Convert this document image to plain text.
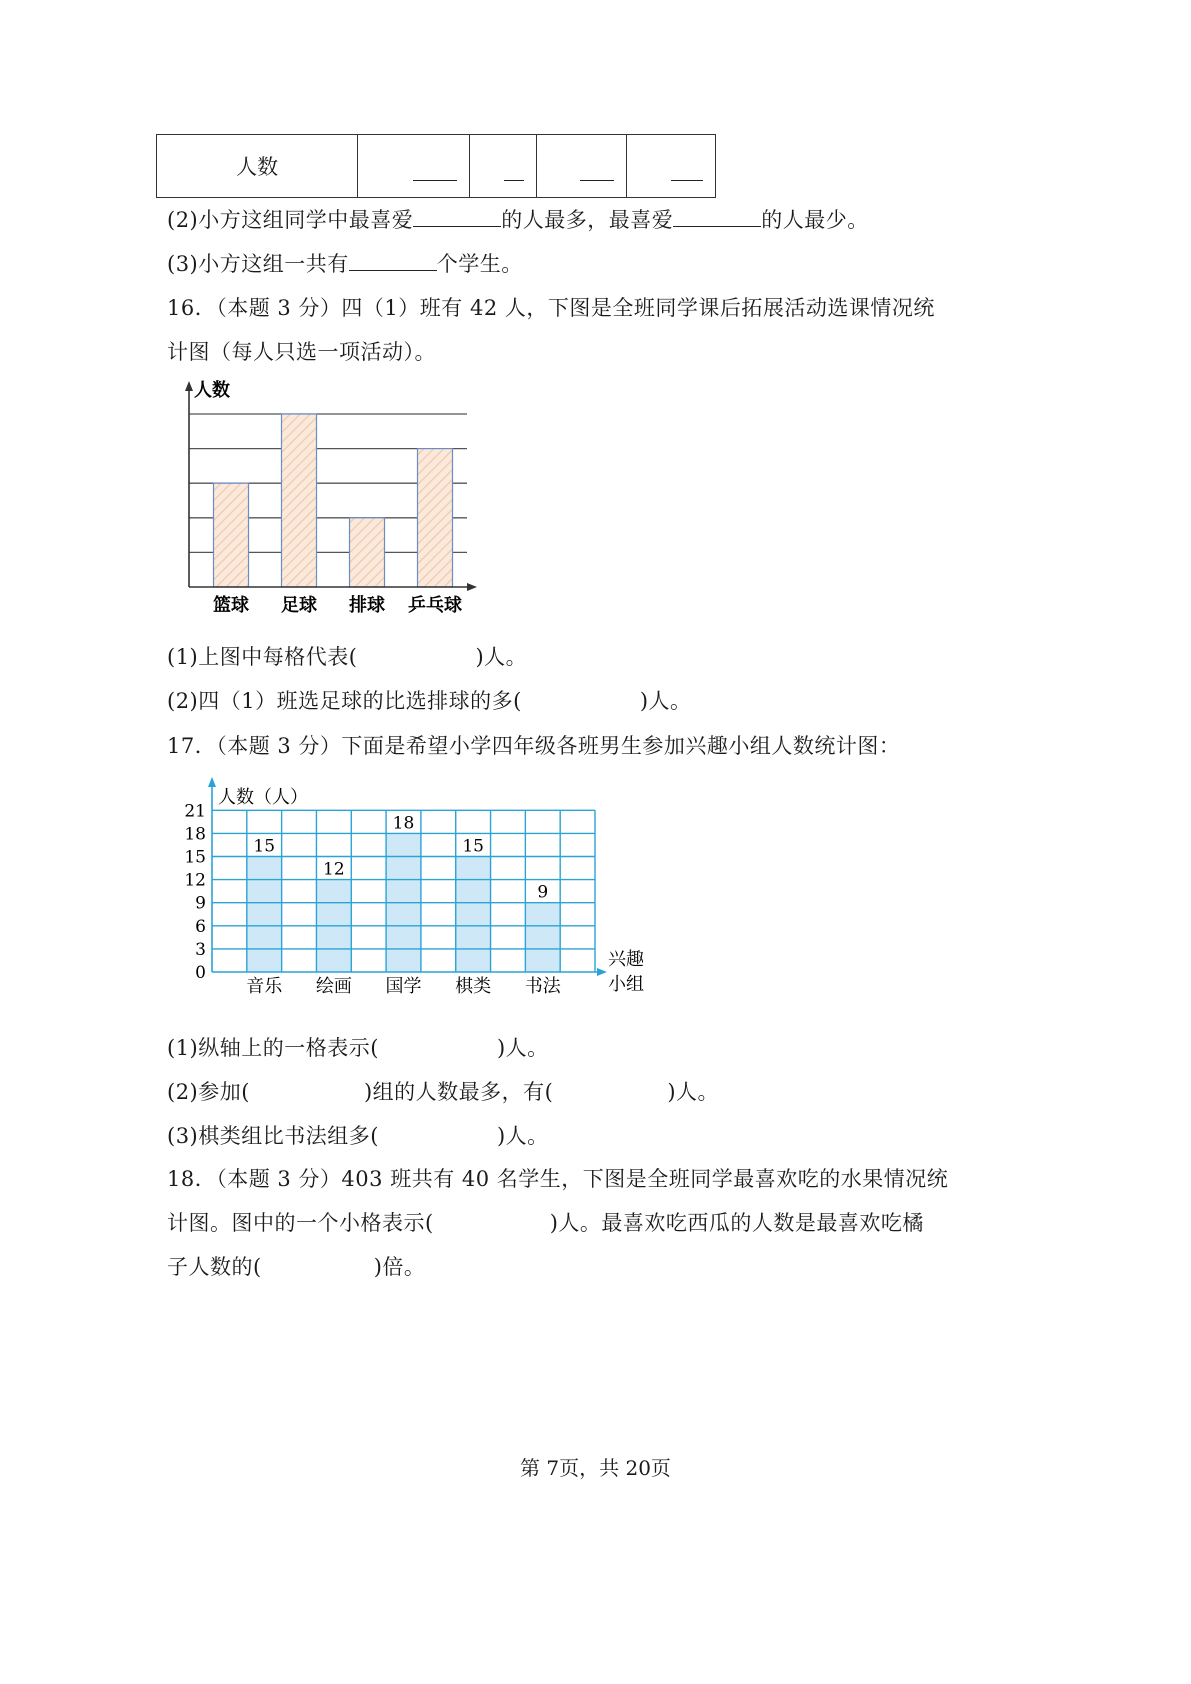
人数	

(2)小方这组同学中最喜爱	的人最多，最喜爱	的人最少。
(3)小方这组一共有	个学生。
16．（本题 3 分）四（1）班有 42 人，下图是全班同学课后拓展活动选课情况统
计图（每人只选一项活动）。
人数
篮球 足球 排球 乒乓球
(1)上图中每格代表(	)人。
(2)四（1）班选足球的比选排球的多(	)人。
17．（本题 3 分）下面是希望小学四年级各班男生参加兴趣小组人数统计图：
0
3
6
9
12
15
18
21
15
12
18
15
9
音乐 绘画 国学 棋类 书法
人数（人）
兴趣
小组
(1)纵轴上的一格表示(	)人。
(2)参加(	)组的人数最多，有(	)人。
(3)棋类组比书法组多(	)人。
18．（本题 3 分）403 班共有 40 名学生，下图是全班同学最喜欢吃的水果情况统
计图。图中的一个小格表示(	)人。最喜欢吃西瓜的人数是最喜欢吃橘
子人数的(	)倍。
第 7页，共 20页
